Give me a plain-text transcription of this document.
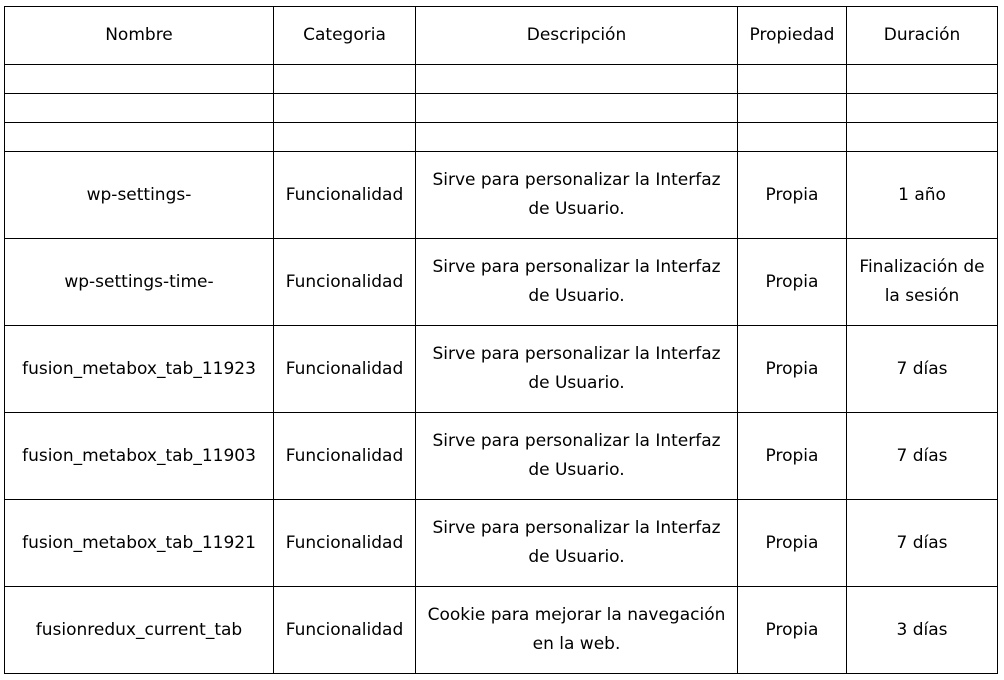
Nombre	Categoria	Descripción	Propiedad	Duración

wp-settings-	Funcionalidad	Sirve para personalizar la Interfaz de Usuario.	Propia	1 año
wp-settings-time-	Funcionalidad	Sirve para personalizar la Interfaz de Usuario.	Propia	Finalización de la sesión
fusion_metabox_tab_11923	Funcionalidad	Sirve para personalizar la Interfaz de Usuario.	Propia	7 días
fusion_metabox_tab_11903	Funcionalidad	Sirve para personalizar la Interfaz de Usuario.	Propia	7 días
fusion_metabox_tab_11921	Funcionalidad	Sirve para personalizar la Interfaz de Usuario.	Propia	7 días
fusionredux_current_tab	Funcionalidad	Cookie para mejorar la navegación en la web.	Propia	3 días
